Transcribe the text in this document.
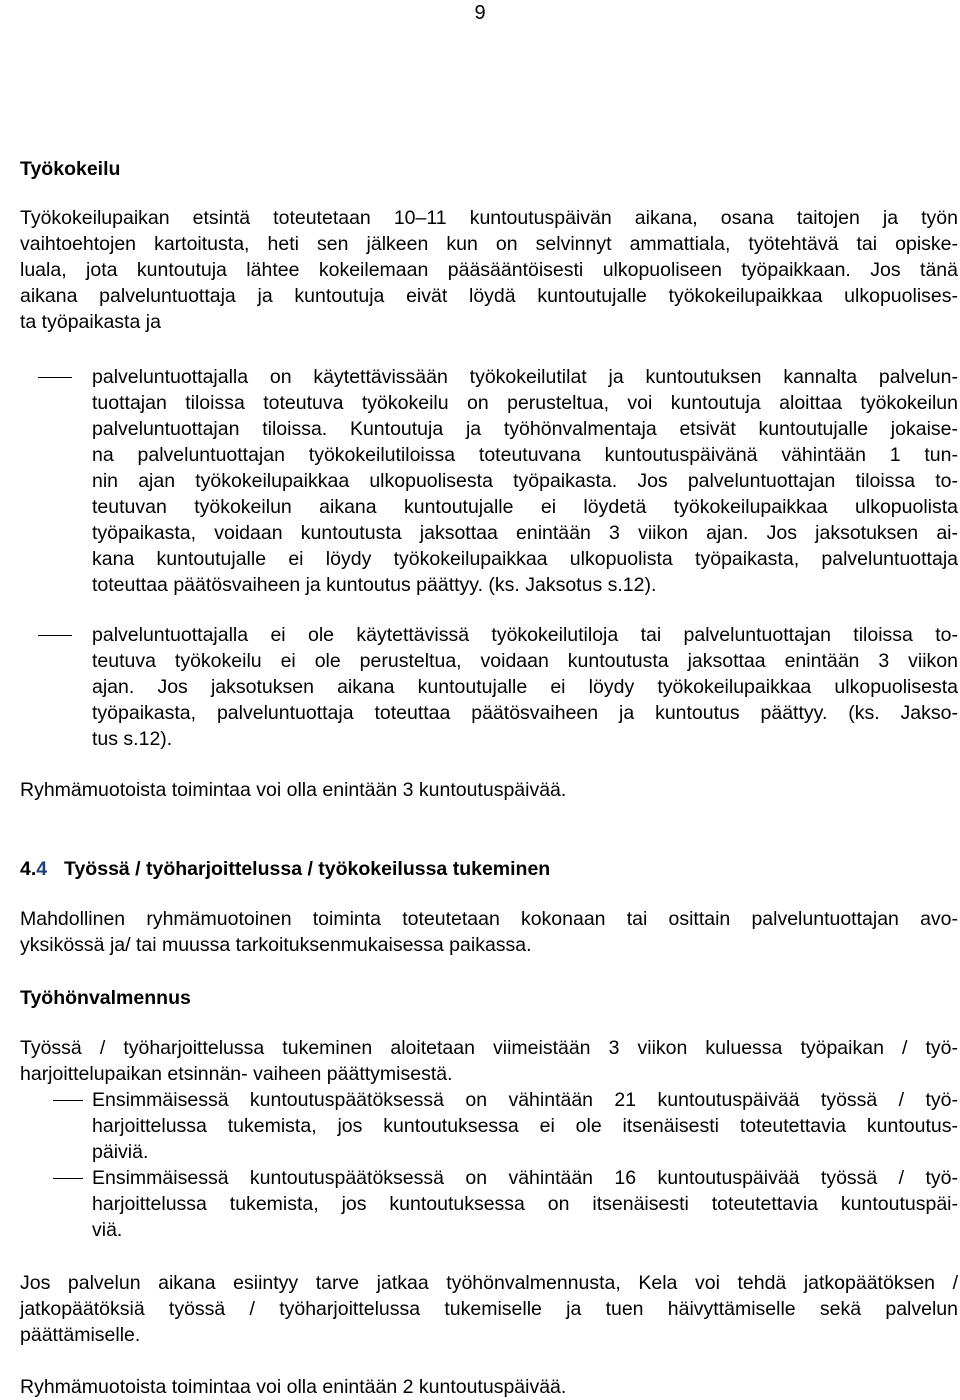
9
Työkokeilu
Työkokeilupaikan etsintä toteutetaan 10–11 kuntoutuspäivän aikana, osana taitojen ja työn
vaihtoehtojen kartoitusta, heti sen jälkeen kun on selvinnyt ammattiala, työtehtävä tai opiske-
luala, jota kuntoutuja lähtee kokeilemaan pääsääntöisesti ulkopuoliseen työpaikkaan. Jos tänä
aikana palveluntuottaja ja kuntoutuja eivät löydä kuntoutujalle työkokeilupaikkaa ulkopuolises-
ta työpaikasta ja
palveluntuottajalla on käytettävissään työkokeilutilat ja kuntoutuksen kannalta palvelun-
tuottajan tiloissa toteutuva työkokeilu on perusteltua, voi kuntoutuja aloittaa työkokeilun
palveluntuottajan tiloissa. Kuntoutuja ja työhönvalmentaja etsivät kuntoutujalle jokaise-
na palveluntuottajan työkokeilutiloissa toteutuvana kuntoutuspäivänä vähintään 1 tun-
nin ajan työkokeilupaikkaa ulkopuolisesta työpaikasta. Jos palveluntuottajan tiloissa to-
teutuvan työkokeilun aikana kuntoutujalle ei löydetä työkokeilupaikkaa ulkopuolista
työpaikasta, voidaan kuntoutusta jaksottaa enintään 3 viikon ajan. Jos jaksotuksen ai-
kana kuntoutujalle ei löydy työkokeilupaikkaa ulkopuolista työpaikasta, palveluntuottaja
toteuttaa päätösvaiheen ja kuntoutus päättyy. (ks. Jaksotus s.12).
palveluntuottajalla ei ole käytettävissä työkokeilutiloja tai palveluntuottajan tiloissa to-
teutuva työkokeilu ei ole perusteltua, voidaan kuntoutusta jaksottaa enintään 3 viikon
ajan. Jos jaksotuksen aikana kuntoutujalle ei löydy työkokeilupaikkaa ulkopuolisesta
työpaikasta, palveluntuottaja toteuttaa päätösvaiheen ja kuntoutus päättyy. (ks. Jakso-
tus s.12).
Ryhmämuotoista toimintaa voi olla enintään 3 kuntoutuspäivää.
4.4 Työssä / työharjoittelussa / työkokeilussa tukeminen
Mahdollinen ryhmämuotoinen toiminta toteutetaan kokonaan tai osittain palveluntuottajan avo-
yksikössä ja/ tai muussa tarkoituksenmukaisessa paikassa.
Työhönvalmennus
Työssä / työharjoittelussa tukeminen aloitetaan viimeistään 3 viikon kuluessa työpaikan / työ-
harjoittelupaikan etsinnän- vaiheen päättymisestä.
Ensimmäisessä kuntoutuspäätöksessä on vähintään 21 kuntoutuspäivää työssä / työ-
harjoittelussa tukemista, jos kuntoutuksessa ei ole itsenäisesti toteutettavia kuntoutus-
päiviä.
Ensimmäisessä kuntoutuspäätöksessä on vähintään 16 kuntoutuspäivää työssä / työ-
harjoittelussa tukemista, jos kuntoutuksessa on itsenäisesti toteutettavia kuntoutuspäi-
viä.
Jos palvelun aikana esiintyy tarve jatkaa työhönvalmennusta, Kela voi tehdä jatkopäätöksen /
jatkopäätöksiä työssä / työharjoittelussa tukemiselle ja tuen häivyttämiselle sekä palvelun
päättämiselle.
Ryhmämuotoista toimintaa voi olla enintään 2 kuntoutuspäivää.
